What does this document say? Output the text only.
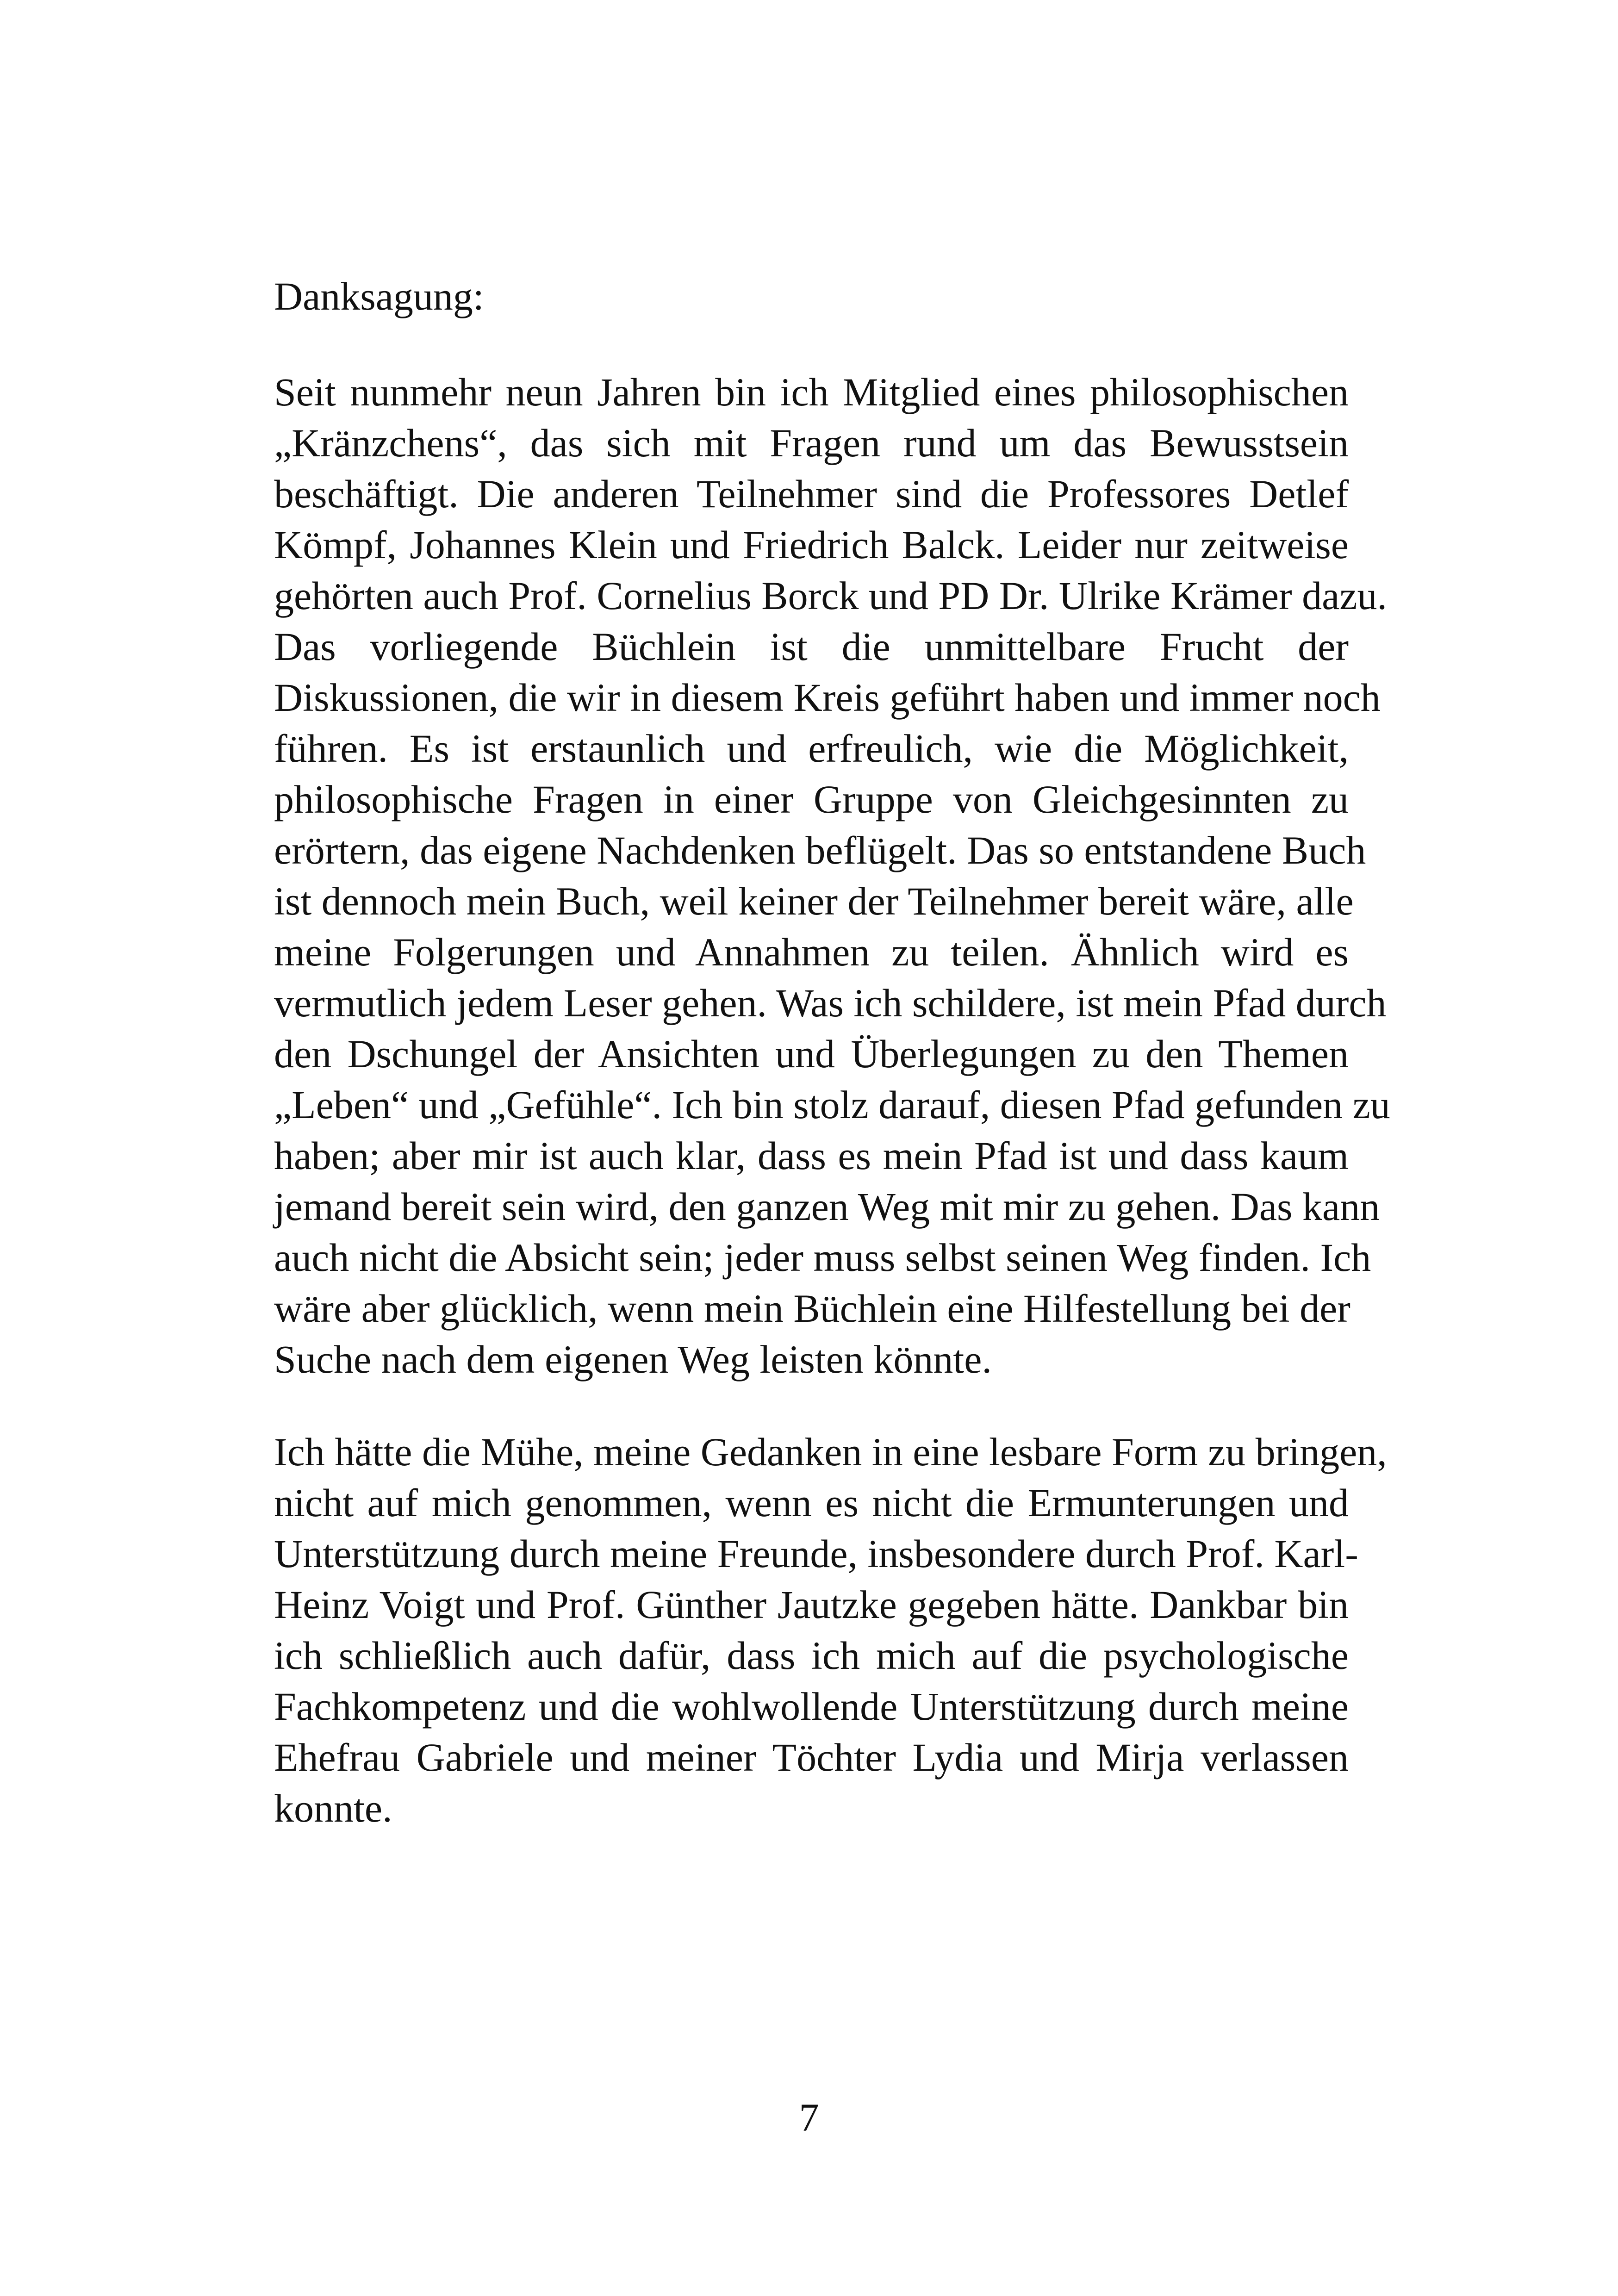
Danksagung:
Seit nunmehr neun Jahren bin ich Mitglied eines philosophischen
„Kränzchens“, das sich mit Fragen rund um das Bewusstsein
beschäftigt. Die anderen Teilnehmer sind die Professores Detlef
Kömpf, Johannes Klein und Friedrich Balck. Leider nur zeitweise
gehörten auch Prof. Cornelius Borck und PD Dr. Ulrike Krämer dazu.
Das vorliegende Büchlein ist die unmittelbare Frucht der
Diskussionen, die wir in diesem Kreis geführt haben und immer noch
führen. Es ist erstaunlich und erfreulich, wie die Möglichkeit,
philosophische Fragen in einer Gruppe von Gleichgesinnten zu
erörtern, das eigene Nachdenken beflügelt. Das so entstandene Buch
ist dennoch mein Buch, weil keiner der Teilnehmer bereit wäre, alle
meine Folgerungen und Annahmen zu teilen. Ähnlich wird es
vermutlich jedem Leser gehen. Was ich schildere, ist mein Pfad durch
den Dschungel der Ansichten und Überlegungen zu den Themen
„Leben“ und „Gefühle“. Ich bin stolz darauf, diesen Pfad gefunden zu
haben; aber mir ist auch klar, dass es mein Pfad ist und dass kaum
jemand bereit sein wird, den ganzen Weg mit mir zu gehen. Das kann
auch nicht die Absicht sein; jeder muss selbst seinen Weg finden. Ich
wäre aber glücklich, wenn mein Büchlein eine Hilfestellung bei der
Suche nach dem eigenen Weg leisten könnte.
Ich hätte die Mühe, meine Gedanken in eine lesbare Form zu bringen,
nicht auf mich genommen, wenn es nicht die Ermunterungen und
Unterstützung durch meine Freunde, insbesondere durch Prof. Karl-
Heinz Voigt und Prof. Günther Jautzke gegeben hätte. Dankbar bin
ich schließlich auch dafür, dass ich mich auf die psychologische
Fachkompetenz und die wohlwollende Unterstützung durch meine
Ehefrau Gabriele und meiner Töchter Lydia und Mirja verlassen
konnte.
7
